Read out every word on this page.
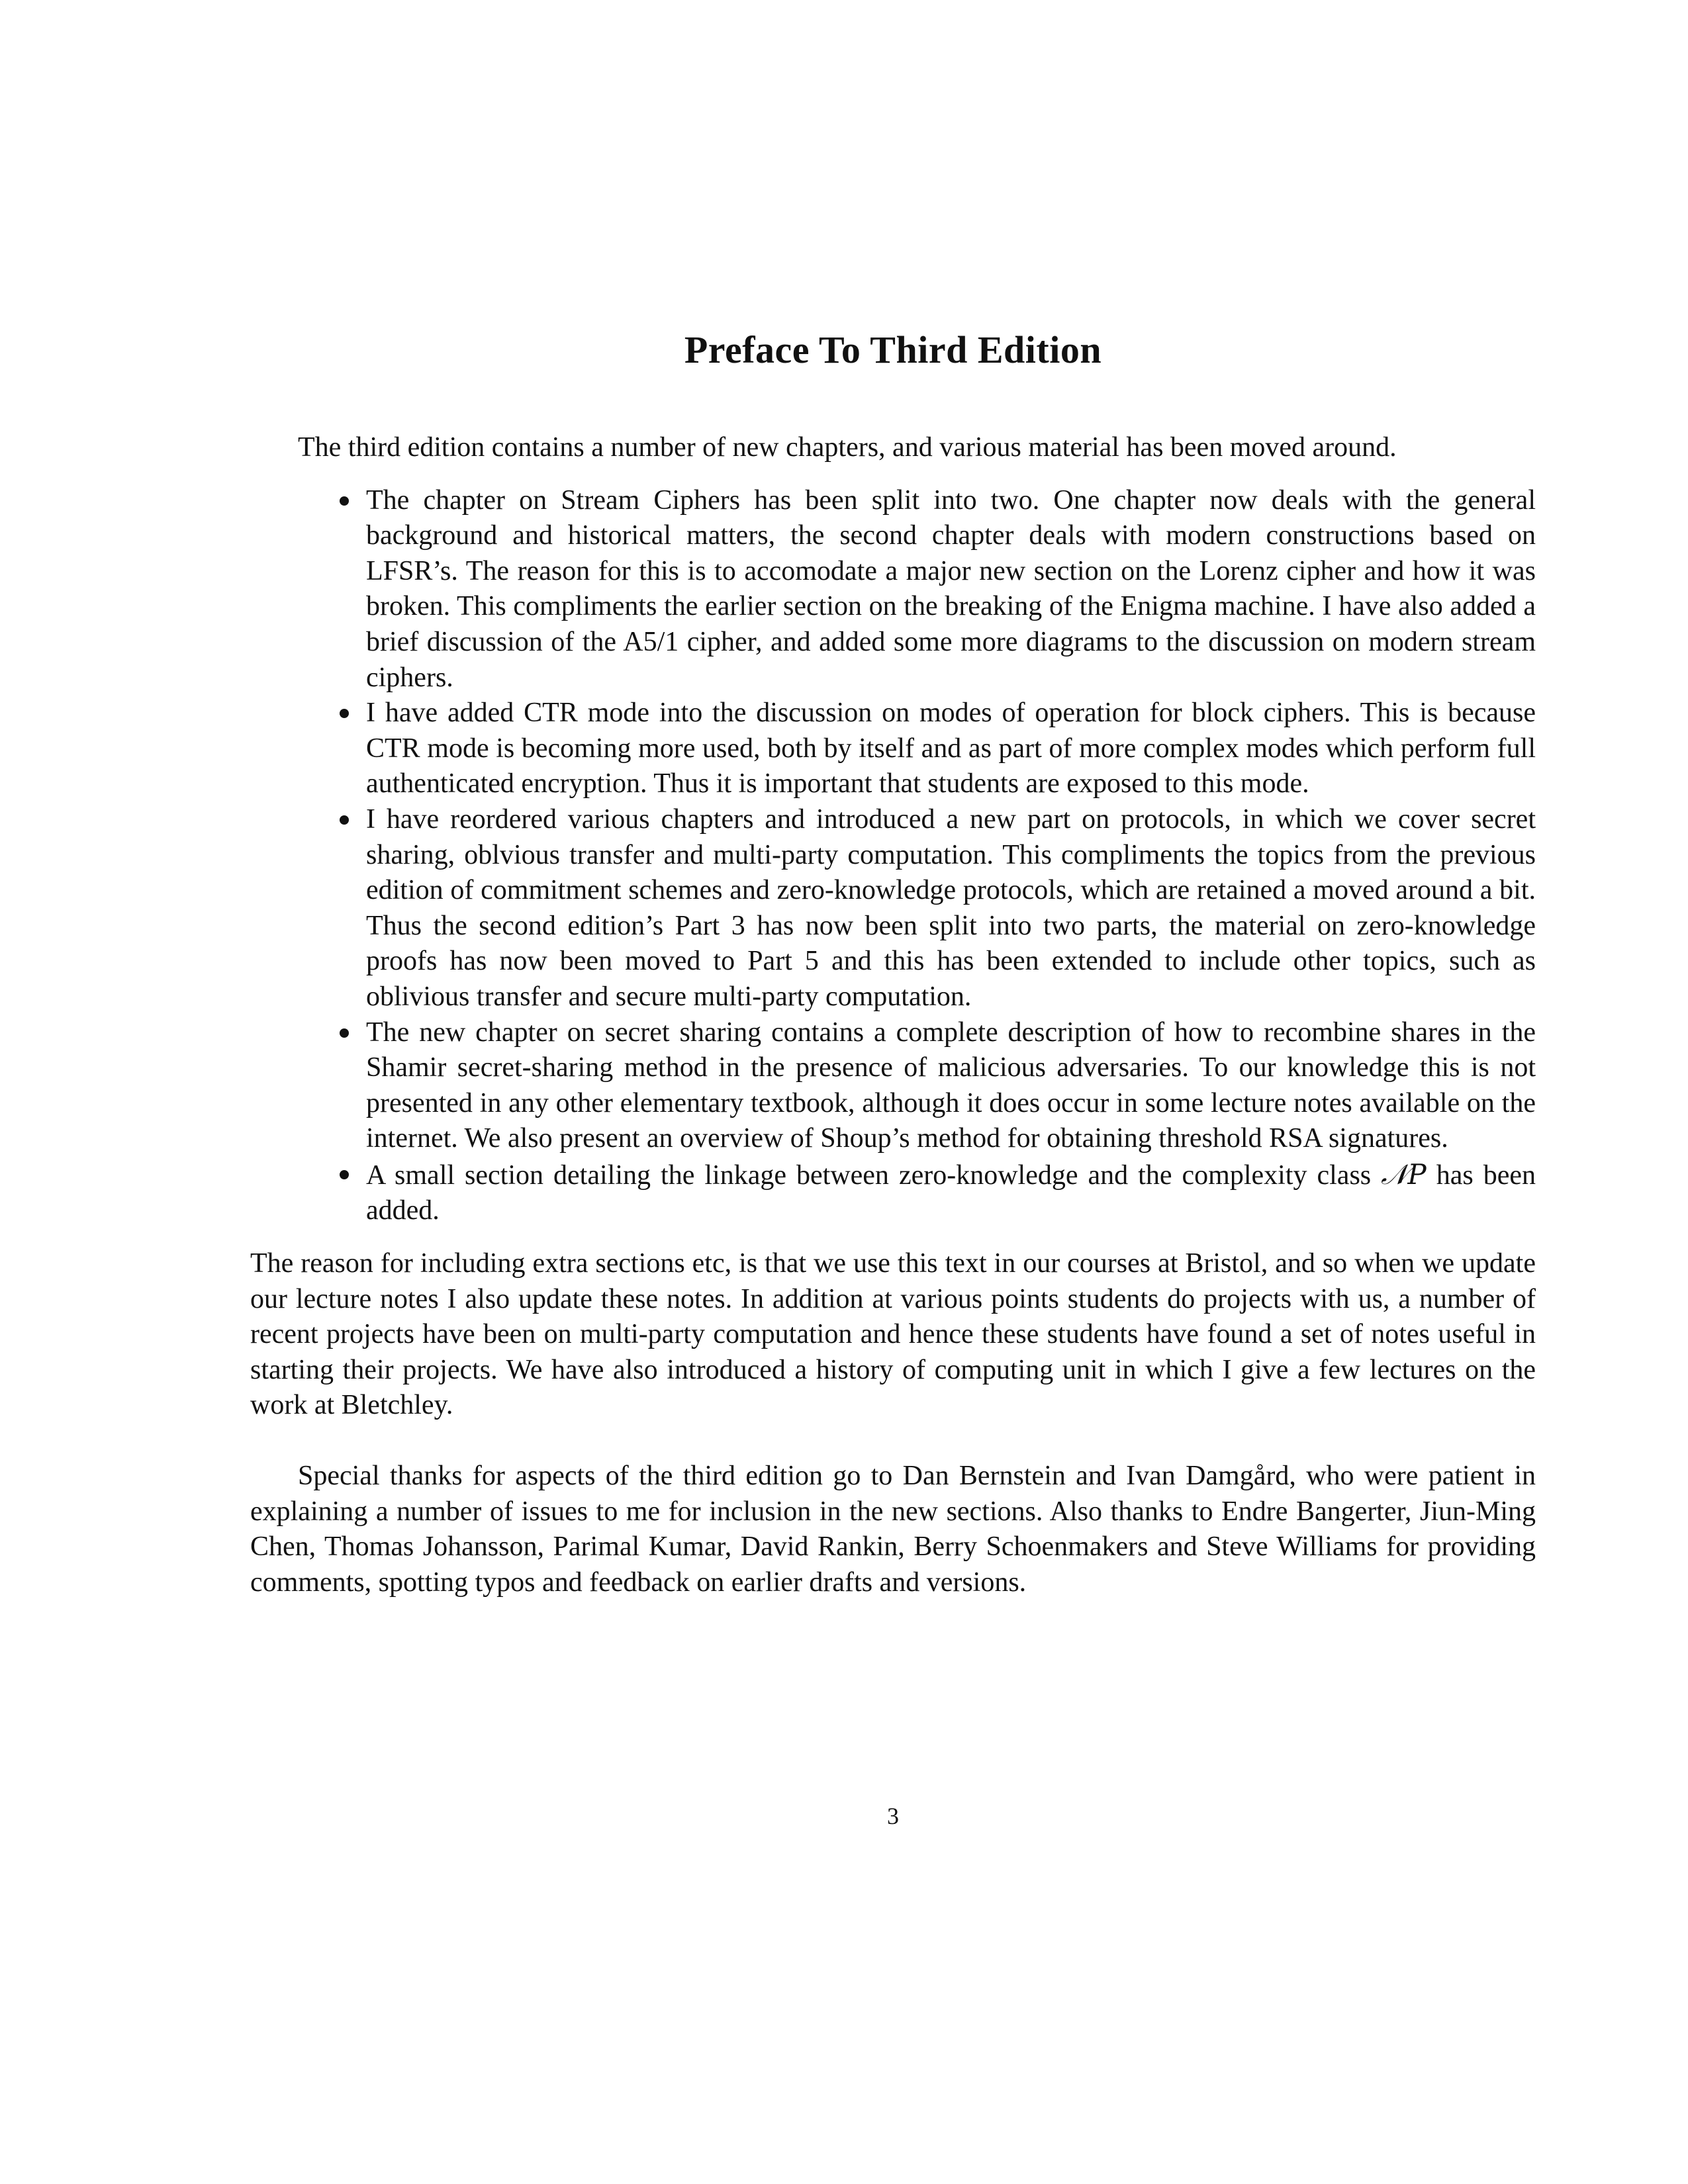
Preface To Third Edition

The third edition contains a number of new chapters, and various material has been moved around.

The chapter on Stream Ciphers has been split into two. One chapter now deals with the general background and historical matters, the second chapter deals with modern constructions based on LFSR’s. The reason for this is to accomodate a major new section on the Lorenz cipher and how it was broken. This compliments the earlier section on the breaking of the Enigma machine. I have also added a brief discussion of the A5/1 cipher, and added some more diagrams to the discussion on modern stream ciphers.
I have added CTR mode into the discussion on modes of operation for block ciphers. This is because CTR mode is becoming more used, both by itself and as part of more complex modes which perform full authenticated encryption. Thus it is important that students are exposed to this mode.
I have reordered various chapters and introduced a new part on protocols, in which we cover secret sharing, oblvious transfer and multi-party computation. This compliments the topics from the previous edition of commitment schemes and zero-knowledge protocols, which are retained a moved around a bit. Thus the second edition’s Part 3 has now been split into two parts, the material on zero-knowledge proofs has now been moved to Part 5 and this has been extended to include other topics, such as oblivious transfer and secure multi-party computation.
The new chapter on secret sharing contains a complete description of how to recombine shares in the Shamir secret-sharing method in the presence of malicious adversaries. To our knowledge this is not presented in any other elementary textbook, although it does occur in some lecture notes available on the internet. We also present an overview of Shoup’s method for obtaining threshold RSA signatures.
A small section detailing the linkage between zero-knowledge and the complexity class 𝒩P has been added.

The reason for including extra sections etc, is that we use this text in our courses at Bristol, and so when we update our lecture notes I also update these notes. In addition at various points students do projects with us, a number of recent projects have been on multi-party computation and hence these students have found a set of notes useful in starting their projects. We have also introduced a history of computing unit in which I give a few lectures on the work at Bletchley.

Special thanks for aspects of the third edition go to Dan Bernstein and Ivan Damgård, who were patient in explaining a number of issues to me for inclusion in the new sections. Also thanks to Endre Bangerter, Jiun-Ming Chen, Thomas Johansson, Parimal Kumar, David Rankin, Berry Schoenmakers and Steve Williams for providing comments, spotting typos and feedback on earlier drafts and versions.

3
